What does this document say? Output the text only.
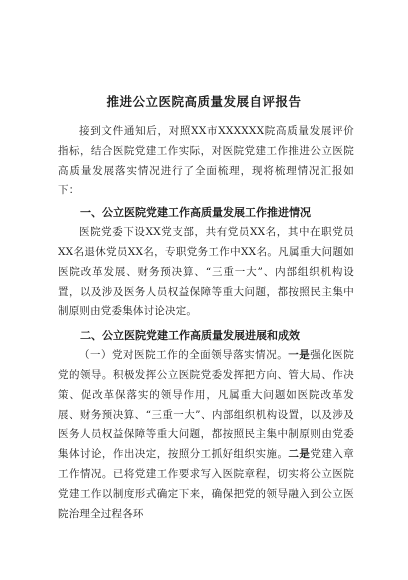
推进公立医院高质量发展自评报告

接到文件通知后，对照XX市XXXXXX院高质量发展评价指标，结合医院党建工作实际，对医院党建工作推进公立医院高质量发展落实情况进行了全面梳理，现将梳理情况汇报如下：

一、公立医院党建工作高质量发展工作推进情况

医院党委下设XX党支部，共有党员XX名，其中在职党员XX名退休党员XX名，专职党务工作中XX名。凡属重大问题如医院改革发展、财务预决算、“三重一大”、内部组织机构设置，以及涉及医务人员权益保障等重大问题，都按照民主集中制原则由党委集体讨论决定。

二、公立医院党建工作高质量发展进展和成效

（一）党对医院工作的全面领导落实情况。一是强化医院党的领导。积极发挥公立医院党委发挥把方向、管大局、作决策、促改革保落实的领导作用，凡属重大问题如医院改革发展、财务预决算、“三重一大”、内部组织机构设置，以及涉及医务人员权益保障等重大问题，都按照民主集中制原则由党委集体讨论，作出决定，按照分工抓好组织实施。二是党建入章工作情况。已将党建工作要求写入医院章程，切实将公立医院党建工作以制度形式确定下来，确保把党的领导融入到公立医院治理全过程各环
